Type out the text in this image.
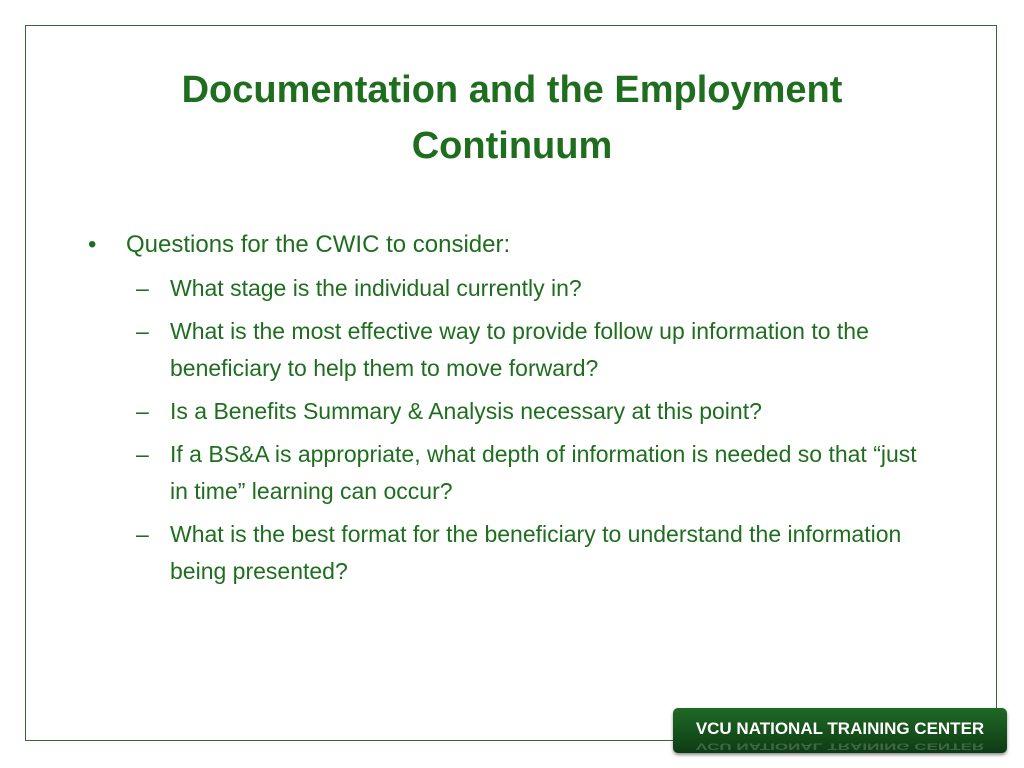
Documentation and the Employment
Continuum
•	Questions for the CWIC to consider:
– What stage is the individual currently in?
– What is the most effective way to provide follow up information to the beneficiary to help them to move forward?
– Is a Benefits Summary & Analysis necessary at this point?
– If a BS&A is appropriate, what depth of information is needed so that “just in time” learning can occur?
– What is the best format for the beneficiary to understand the information being presented?
VCU NATIONAL TRAINING CENTER
VCU NATIONAL TRAINING CENTER
